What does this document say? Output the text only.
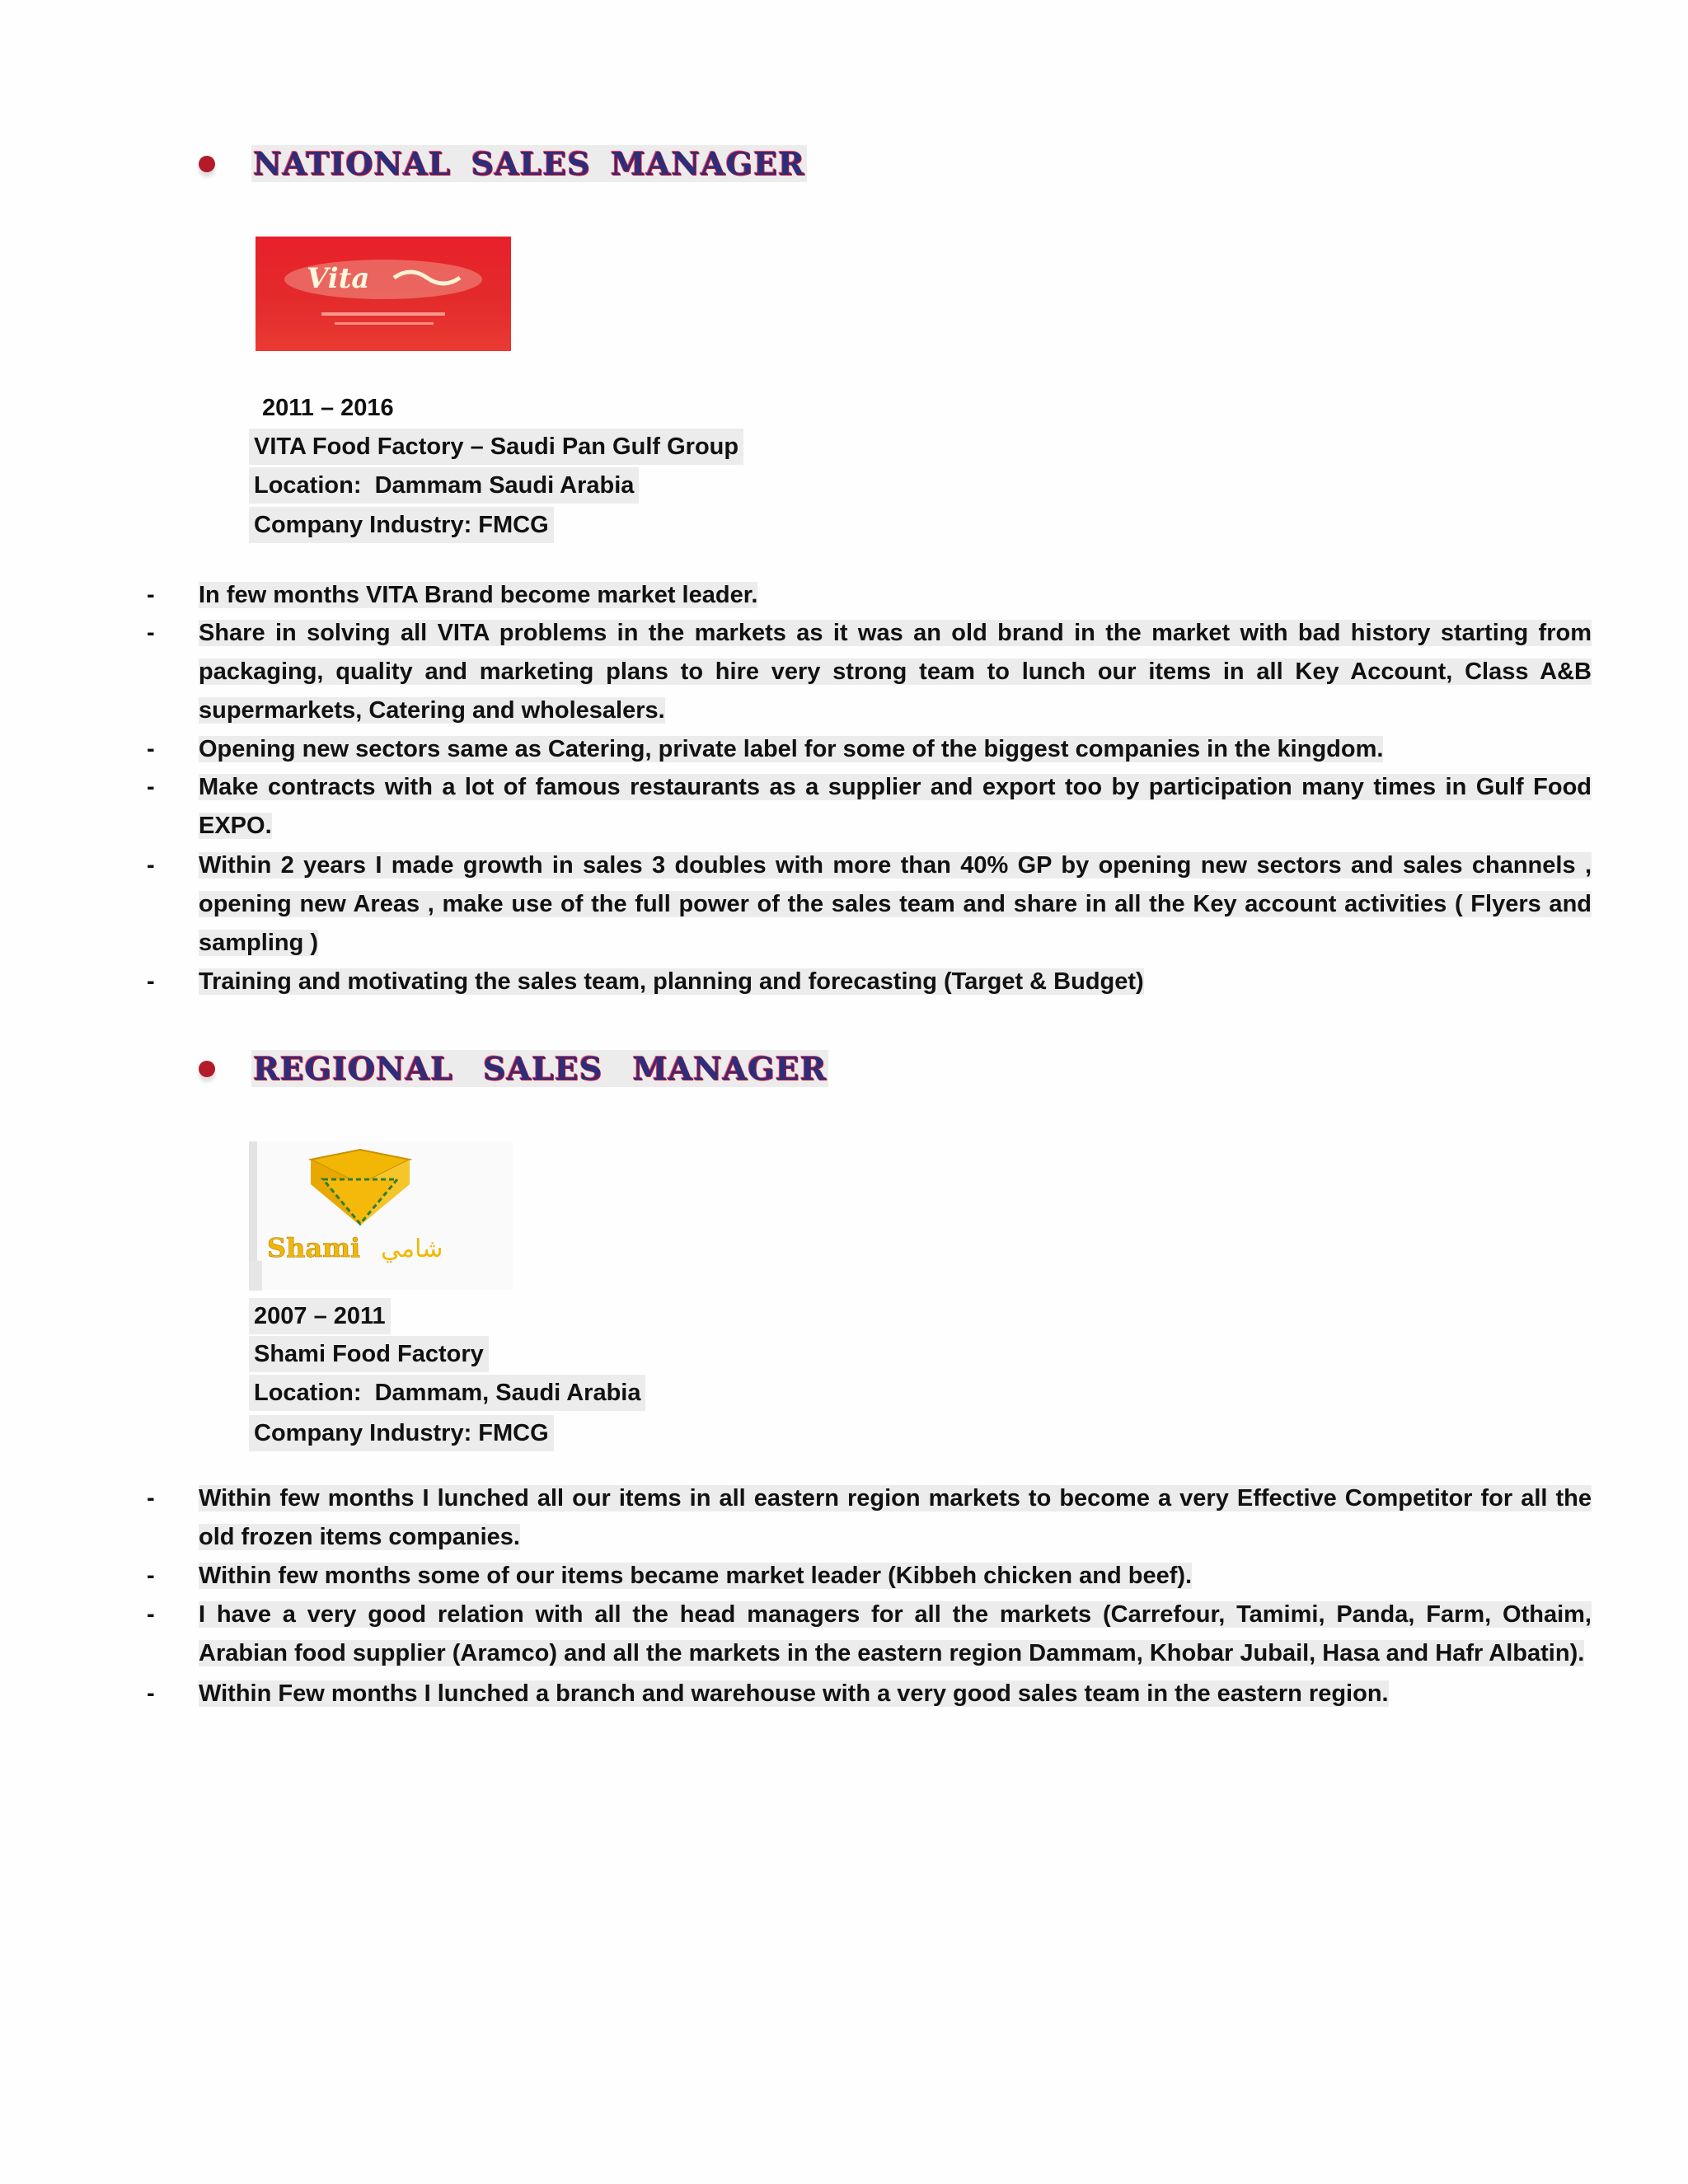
NATIONAL SALES MANAGER
Vita
2011 – 2016
VITA Food Factory – Saudi Pan Gulf Group
Location:  Dammam Saudi Arabia
Company Industry: FMCG
- In few months VITA Brand become market leader.
- Share in solving all VITA problems in the markets as it was an old brand in the market with bad history starting from packaging, quality and marketing plans to hire very strong team to lunch our items in all Key Account, Class A&B supermarkets, Catering and wholesalers.
- Opening new sectors same as Catering, private label for some of the biggest companies in the kingdom.
- Make contracts with a lot of famous restaurants as a supplier and export too by participation many times in Gulf Food EXPO.
- Within 2 years I made growth in sales 3 doubles with more than 40% GP by opening new sectors and sales channels , opening new Areas , make use of the full power of the sales team and share in all the Key account activities ( Flyers and sampling )
- Training and motivating the sales team, planning and forecasting (Target & Budget)
REGIONAL SALES MANAGER
Shami شامي
2007 – 2011
Shami Food Factory
Location:  Dammam, Saudi Arabia
Company Industry: FMCG
- Within few months I lunched all our items in all eastern region markets to become a very Effective Competitor for all the old frozen items companies.
- Within few months some of our items became market leader (Kibbeh chicken and beef).
- I have a very good relation with all the head managers for all the markets (Carrefour, Tamimi, Panda, Farm, Othaim, Arabian food supplier (Aramco) and all the markets in the eastern region Dammam, Khobar Jubail, Hasa and Hafr Albatin).
- Within Few months I lunched a branch and warehouse with a very good sales team in the eastern region.
